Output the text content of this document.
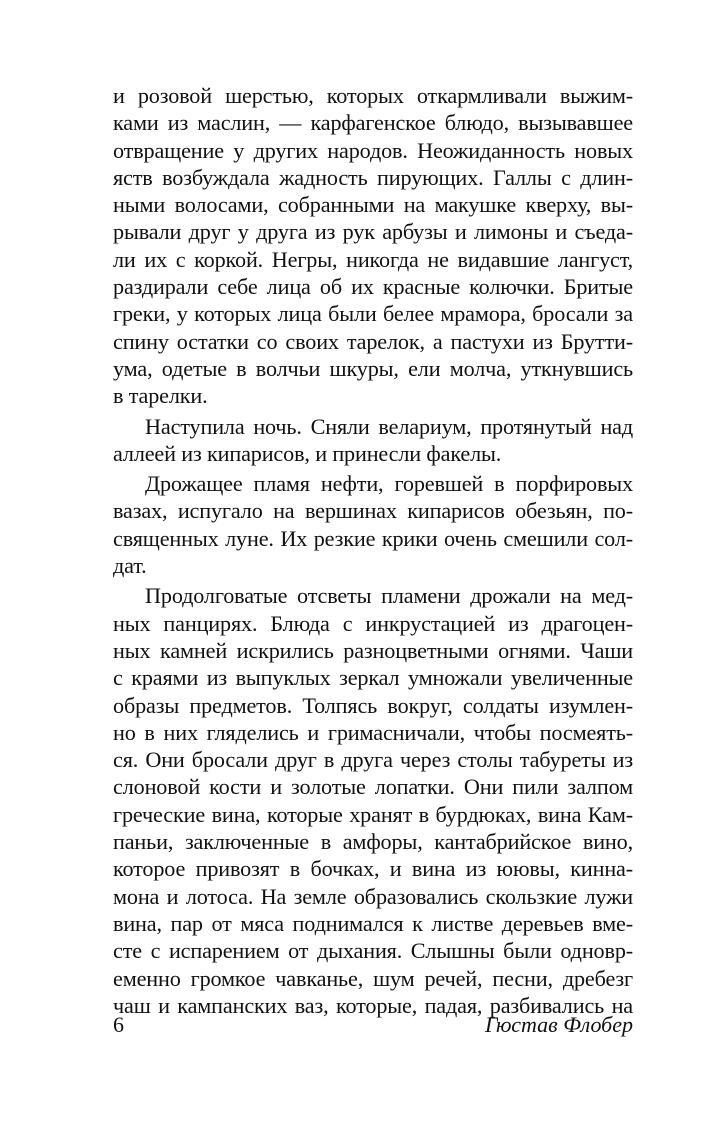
и розовой шерстью, которых откармливали выжим-
ками из маслин, — карфагенское блюдо, вызывавшее
отвращение у других народов. Неожиданность новых
яств возбуждала жадность пирующих. Галлы с длин-
ными волосами, собранными на макушке кверху, вы-
рывали друг у друга из рук арбузы и лимоны и съеда-
ли их с коркой. Негры, никогда не видавшие лангуст,
раздирали себе лица об их красные колючки. Бритые
греки, у которых лица были белее мрамора, бросали за
спину остатки со своих тарелок, а пастухи из Брутти-
ума, одетые в волчьи шкуры, ели молча, уткнувшись
в тарелки.
Наступила ночь. Сняли велариум, протянутый над
аллеей из кипарисов, и принесли факелы.
Дрожащее пламя нефти, горевшей в порфировых
вазах, испугало на вершинах кипарисов обезьян, по-
священных луне. Их резкие крики очень смешили сол-
дат.
Продолговатые отсветы пламени дрожали на мед-
ных панцирях. Блюда с инкрустацией из драгоцен-
ных камней искрились разноцветными огнями. Чаши
с краями из выпуклых зеркал умножали увеличенные
образы предметов. Толпясь вокруг, солдаты изумлен-
но в них гляделись и гримасничали, чтобы посмеять-
ся. Они бросали друг в друга через столы табуреты из
слоновой кости и золотые лопатки. Они пили залпом
греческие вина, которые хранят в бурдюках, вина Кам-
паньи, заключенные в амфоры, кантабрийское вино,
которое привозят в бочках, и вина из юювы, кинна-
мона и лотоса. На земле образовались скользкие лужи
вина, пар от мяса поднимался к листве деревьев вме-
сте с испарением от дыхания. Слышны были одновр-
еменно громкое чавканье, шум речей, песни, дребезг
чаш и кампанских ваз, которые, падая, разбивались на
6	Гюстав Флобер
